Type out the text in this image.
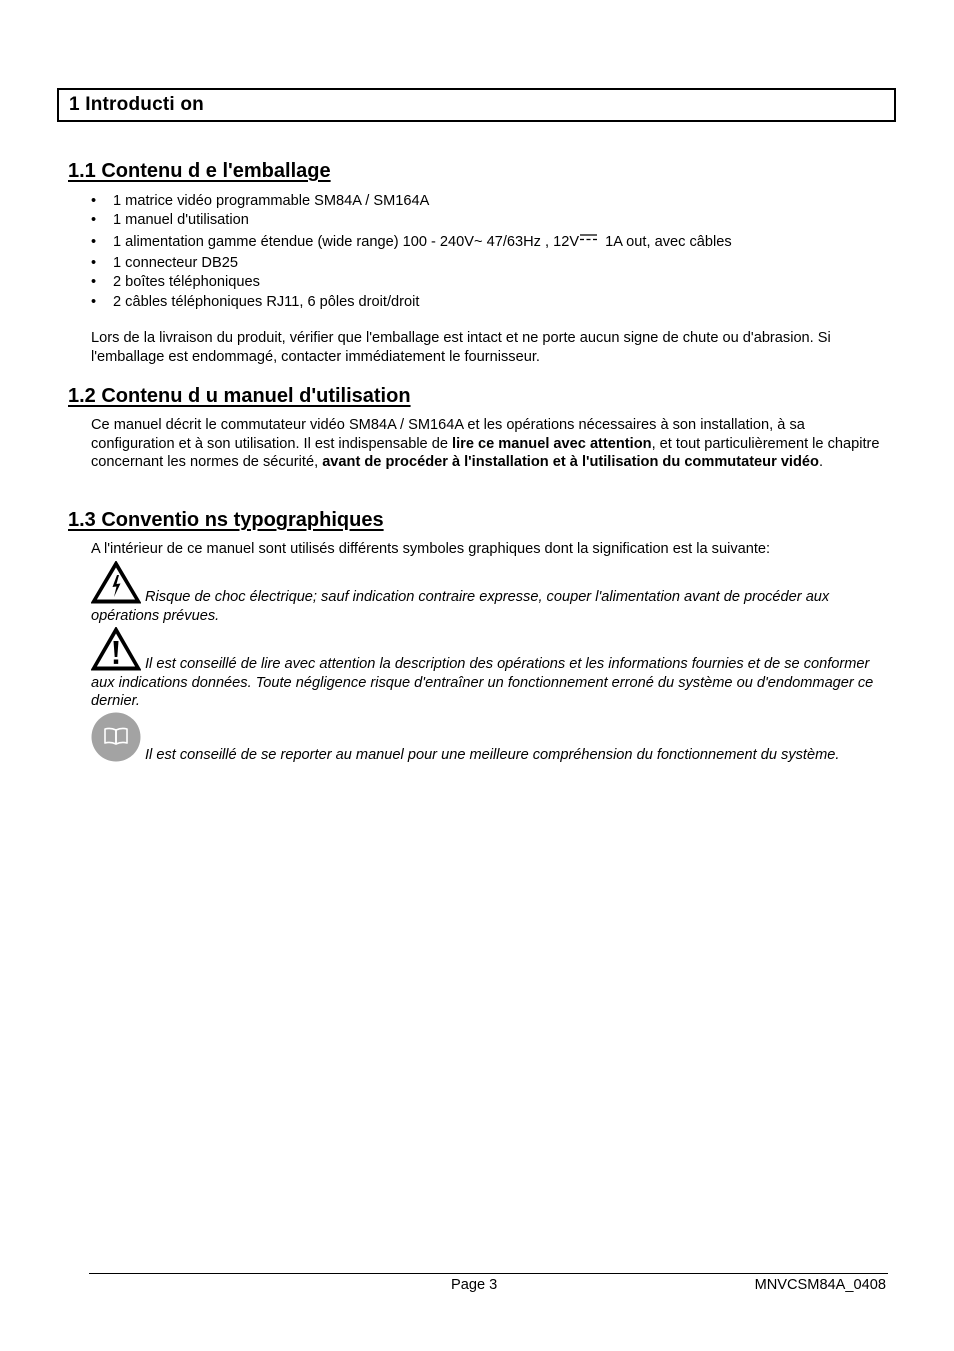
1 Introducti on
1.1 Contenu d e l'emballage
• 1 matrice vidéo programmable SM84A / SM164A
• 1 manuel d'utilisation
• 1 alimentation gamme étendue (wide range) 100 - 240V~ 47/63Hz , 12V 1A out, avec câbles
• 1 connecteur DB25
• 2 boîtes téléphoniques
• 2 câbles téléphoniques RJ11, 6 pôles droit/droit

Lors de la livraison du produit, vérifier que l'emballage est intact et ne porte aucun signe de chute ou d'abrasion. Si l'emballage est endommagé, contacter immédiatement le fournisseur.

1.2 Contenu d u manuel d'utilisation

Ce manuel décrit le commutateur vidéo SM84A / SM164A et les opérations nécessaires à son installation, à sa configuration et à son utilisation. Il est indispensable de lire ce manuel avec attention, et tout particulièrement le chapitre concernant les normes de sécurité, avant de procéder à l'installation et à l'utilisation du commutateur vidéo.

1.3 Conventio ns typographiques

A l'intérieur de ce manuel sont utilisés différents symboles graphiques dont la signification est la suivante:

Risque de choc électrique; sauf indication contraire expresse, couper l'alimentation avant de procéder aux opérations prévues.

Il est conseillé de lire avec attention la description des opérations et les informations fournies et de se conformer aux indications données. Toute négligence risque d'entraîner un fonctionnement erroné du système ou d'endommager ce dernier.

Il est conseillé de se reporter au manuel pour une meilleure compréhension du fonctionnement du système.

Page 3	MNVCSM84A_0408
